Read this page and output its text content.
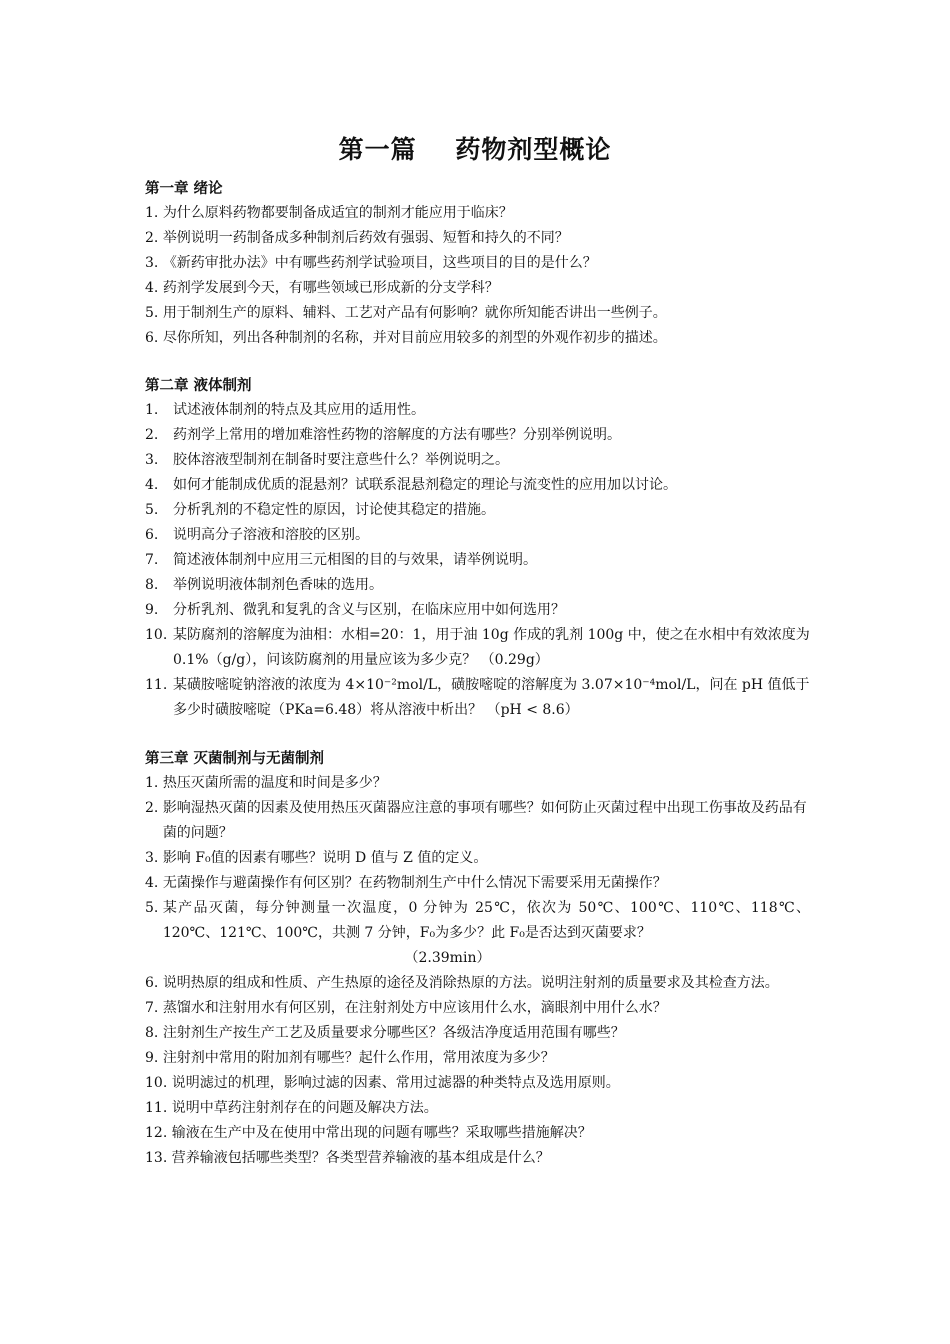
第一篇    药物剂型概论
第一章 绪论
1. 为什么原料药物都要制备成适宜的制剂才能应用于临床？
2. 举例说明一药制备成多种制剂后药效有强弱、短暂和持久的不同？
3. 《新药审批办法》中有哪些药剂学试验项目，这些项目的目的是什么？
4. 药剂学发展到今天，有哪些领域已形成新的分支学科？
5. 用于制剂生产的原料、辅料、工艺对产品有何影响？就你所知能否讲出一些例子。
6. 尽你所知，列出各种制剂的名称，并对目前应用较多的剂型的外观作初步的描述。
第二章 液体制剂
1.	试述液体制剂的特点及其应用的适用性。
2.	药剂学上常用的增加难溶性药物的溶解度的方法有哪些？分别举例说明。
3.	胶体溶液型制剂在制备时要注意些什么？举例说明之。
4.	如何才能制成优质的混悬剂？试联系混悬剂稳定的理论与流变性的应用加以讨论。
5.	分析乳剂的不稳定性的原因，讨论使其稳定的措施。
6.	说明高分子溶液和溶胶的区别。
7.	简述液体制剂中应用三元相图的目的与效果，请举例说明。
8.	举例说明液体制剂色香味的选用。
9.	分析乳剂、微乳和复乳的含义与区别，在临床应用中如何选用？
10. 某防腐剂的溶解度为油相：水相=20：1，用于油 10g 作成的乳剂 100g 中，使之在水相中有效浓度为 0.1%（g/g），问该防腐剂的用量应该为多少克？ （0.29g）
11. 某磺胺嘧啶钠溶液的浓度为 4×10⁻²mol/L，磺胺嘧啶的溶解度为 3.07×10⁻⁴mol/L，问在 pH 值低于多少时磺胺嘧啶（PKa=6.48）将从溶液中析出？ （pH < 8.6）
第三章 灭菌制剂与无菌制剂
1. 热压灭菌所需的温度和时间是多少？
2. 影响湿热灭菌的因素及使用热压灭菌器应注意的事项有哪些？如何防止灭菌过程中出现工伤事故及药品有菌的问题？
3. 影响 F₀值的因素有哪些？说明 D 值与 Z 值的定义。
4. 无菌操作与避菌操作有何区别？在药物制剂生产中什么情况下需要采用无菌操作？
5. 某产品灭菌，每分钟测量一次温度，0 分钟为 25℃，依次为 50℃、100℃、110℃、118℃、120℃、121℃、100℃，共测 7 分钟，F₀为多少？此 F₀是否达到灭菌要求？
（2.39min）
6. 说明热原的组成和性质、产生热原的途径及消除热原的方法。说明注射剂的质量要求及其检查方法。
7. 蒸馏水和注射用水有何区别，在注射剂处方中应该用什么水，滴眼剂中用什么水？
8. 注射剂生产按生产工艺及质量要求分哪些区？各级洁净度适用范围有哪些？
9. 注射剂中常用的附加剂有哪些？起什么作用，常用浓度为多少？
10. 说明滤过的机理，影响过滤的因素、常用过滤器的种类特点及选用原则。
11. 说明中草药注射剂存在的问题及解决方法。
12. 输液在生产中及在使用中常出现的问题有哪些？采取哪些措施解决？
13. 营养输液包括哪些类型？各类型营养输液的基本组成是什么？
